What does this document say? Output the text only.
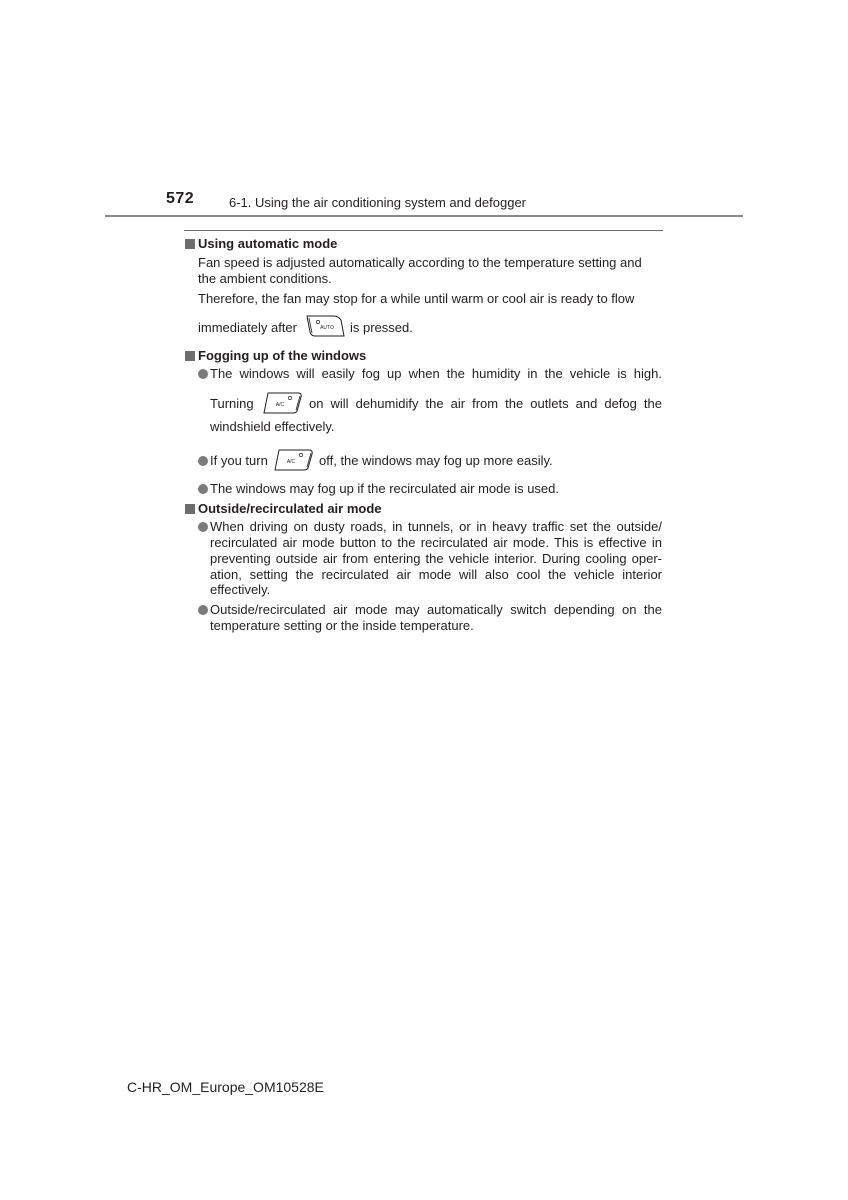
572	6-1. Using the air conditioning system and defogger
Using automatic mode
Fan speed is adjusted automatically according to the temperature setting and
the ambient conditions.
Therefore, the fan may stop for a while until warm or cool air is ready to flow
immediately after	AUTO is pressed.
Fogging up of the windows
The windows will easily fog up when the humidity in the vehicle is high.
Turning	A/C on will dehumidify the air from the outlets and defog the
windshield effectively.
If you turn	A/C off, the windows may fog up more easily.
The windows may fog up if the recirculated air mode is used.
Outside/recirculated air mode
When driving on dusty roads, in tunnels, or in heavy traffic set the outside/
recirculated air mode button to the recirculated air mode. This is effective in
preventing outside air from entering the vehicle interior. During cooling oper-
ation, setting the recirculated air mode will also cool the vehicle interior
effectively.
Outside/recirculated air mode may automatically switch depending on the
temperature setting or the inside temperature.
C-HR_OM_Europe_OM10528E
